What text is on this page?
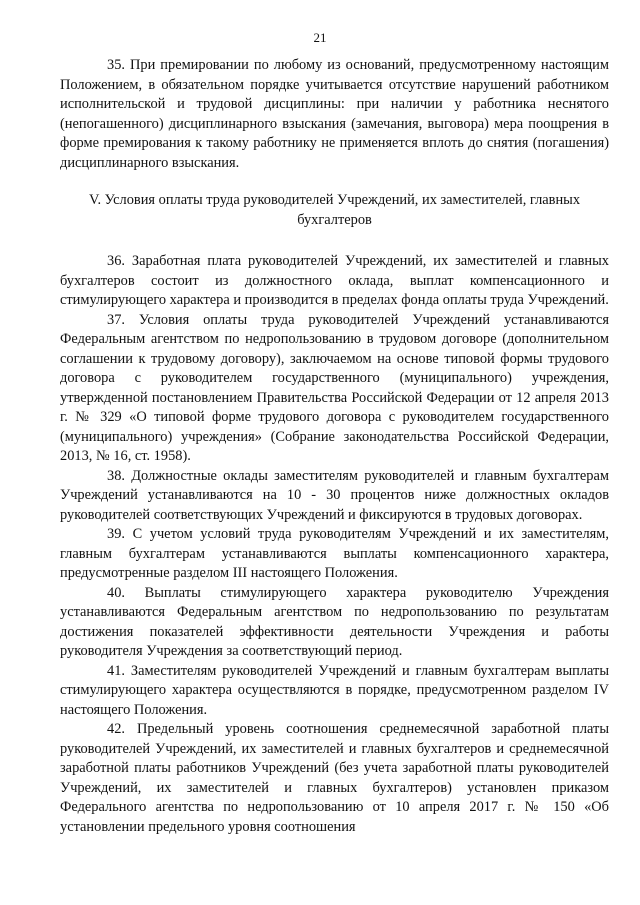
21

35. При премировании по любому из оснований, предусмотренному настоящим Положением, в обязательном порядке учитывается отсутствие нарушений работником исполнительской и трудовой дисциплины: при наличии у работника неснятого (непогашенного) дисциплинарного взыскания (замечания, выговора) мера поощрения в форме премирования к такому работнику не применяется вплоть до снятия (погашения) дисциплинарного взыскания.

V. Условия оплаты труда руководителей Учреждений, их заместителей, главных бухгалтеров

36. Заработная плата руководителей Учреждений, их заместителей и главных бухгалтеров состоит из должностного оклада, выплат компенсационного и стимулирующего характера и производится в пределах фонда оплаты труда Учреждений.

37. Условия оплаты труда руководителей Учреждений устанавливаются Федеральным агентством по недропользованию в трудовом договоре (дополнительном соглашении к трудовому договору), заключаемом на основе типовой формы трудового договора с руководителем государственного (муниципального) учреждения, утвержденной постановлением Правительства Российской Федерации от 12 апреля 2013 г. № 329 «О типовой форме трудового договора с руководителем государственного (муниципального) учреждения» (Собрание законодательства Российской Федерации, 2013, № 16, ст. 1958).

38. Должностные оклады заместителям руководителей и главным бухгалтерам Учреждений устанавливаются на 10 - 30 процентов ниже должностных окладов руководителей соответствующих Учреждений и фиксируются в трудовых договорах.

39. С учетом условий труда руководителям Учреждений и их заместителям, главным бухгалтерам устанавливаются выплаты компенсационного характера, предусмотренные разделом III настоящего Положения.

40. Выплаты стимулирующего характера руководителю Учреждения устанавливаются Федеральным агентством по недропользованию по результатам достижения показателей эффективности деятельности Учреждения и работы руководителя Учреждения за соответствующий период.

41. Заместителям руководителей Учреждений и главным бухгалтерам выплаты стимулирующего характера осуществляются в порядке, предусмотренном разделом IV настоящего Положения.

42. Предельный уровень соотношения среднемесячной заработной платы руководителей Учреждений, их заместителей и главных бухгалтеров и среднемесячной заработной платы работников Учреждений (без учета заработной платы руководителей Учреждений, их заместителей и главных бухгалтеров) установлен приказом Федерального агентства по недропользованию от 10 апреля 2017 г. № 150 «Об установлении предельного уровня соотношения
